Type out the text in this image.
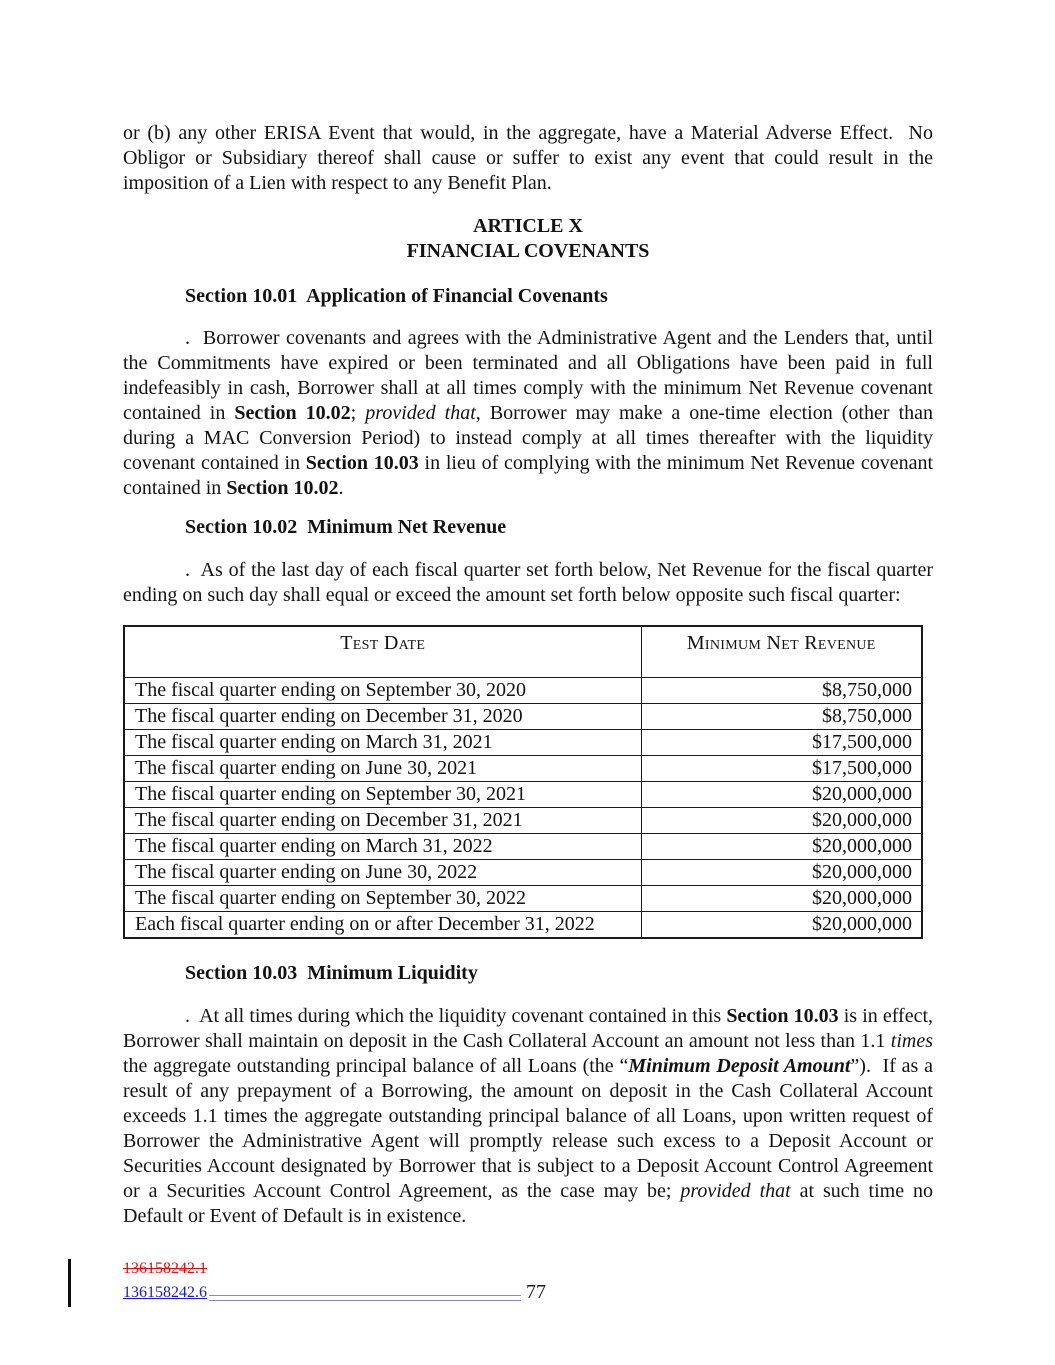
or (b) any other ERISA Event that would, in the aggregate, have a Material Adverse Effect.  No Obligor or Subsidiary thereof shall cause or suffer to exist any event that could result in the imposition of a Lien with respect to any Benefit Plan.

ARTICLE X
FINANCIAL COVENANTS
Section 10.01  Application of Financial Covenants

.  Borrower covenants and agrees with the Administrative Agent and the Lenders that, until the Commitments have expired or been terminated and all Obligations have been paid in full indefeasibly in cash, Borrower shall at all times comply with the minimum Net Revenue covenant contained in Section 10.02; provided that, Borrower may make a one-time election (other than during a MAC Conversion Period) to instead comply at all times thereafter with the liquidity covenant contained in Section 10.03 in lieu of complying with the minimum Net Revenue covenant contained in Section 10.02.

Section 10.02  Minimum Net Revenue

.  As of the last day of each fiscal quarter set forth below, Net Revenue for the fiscal quarter ending on such day shall equal or exceed the amount set forth below opposite such fiscal quarter:

Test Date	Minimum Net Revenue
The fiscal quarter ending on September 30, 2020	$8,750,000
The fiscal quarter ending on December 31, 2020	$8,750,000
The fiscal quarter ending on March 31, 2021	$17,500,000
The fiscal quarter ending on June 30, 2021	$17,500,000
The fiscal quarter ending on September 30, 2021	$20,000,000
The fiscal quarter ending on December 31, 2021	$20,000,000
The fiscal quarter ending on March 31, 2022	$20,000,000
The fiscal quarter ending on June 30, 2022	$20,000,000
The fiscal quarter ending on September 30, 2022	$20,000,000
Each fiscal quarter ending on or after December 31, 2022	$20,000,000
Section 10.03  Minimum Liquidity

.  At all times during which the liquidity covenant contained in this Section 10.03 is in effect, Borrower shall maintain on deposit in the Cash Collateral Account an amount not less than 1.1 times the aggregate outstanding principal balance of all Loans (the “Minimum Deposit Amount”).  If as a result of any prepayment of a Borrowing, the amount on deposit in the Cash Collateral Account exceeds 1.1 times the aggregate outstanding principal balance of all Loans, upon written request of Borrower the Administrative Agent will promptly release such excess to a Deposit Account or Securities Account designated by Borrower that is subject to a Deposit Account Control Agreement or a Securities Account Control Agreement, as the case may be; provided that at such time no Default or Event of Default is in existence.

136158242.1
136158242.6	77
